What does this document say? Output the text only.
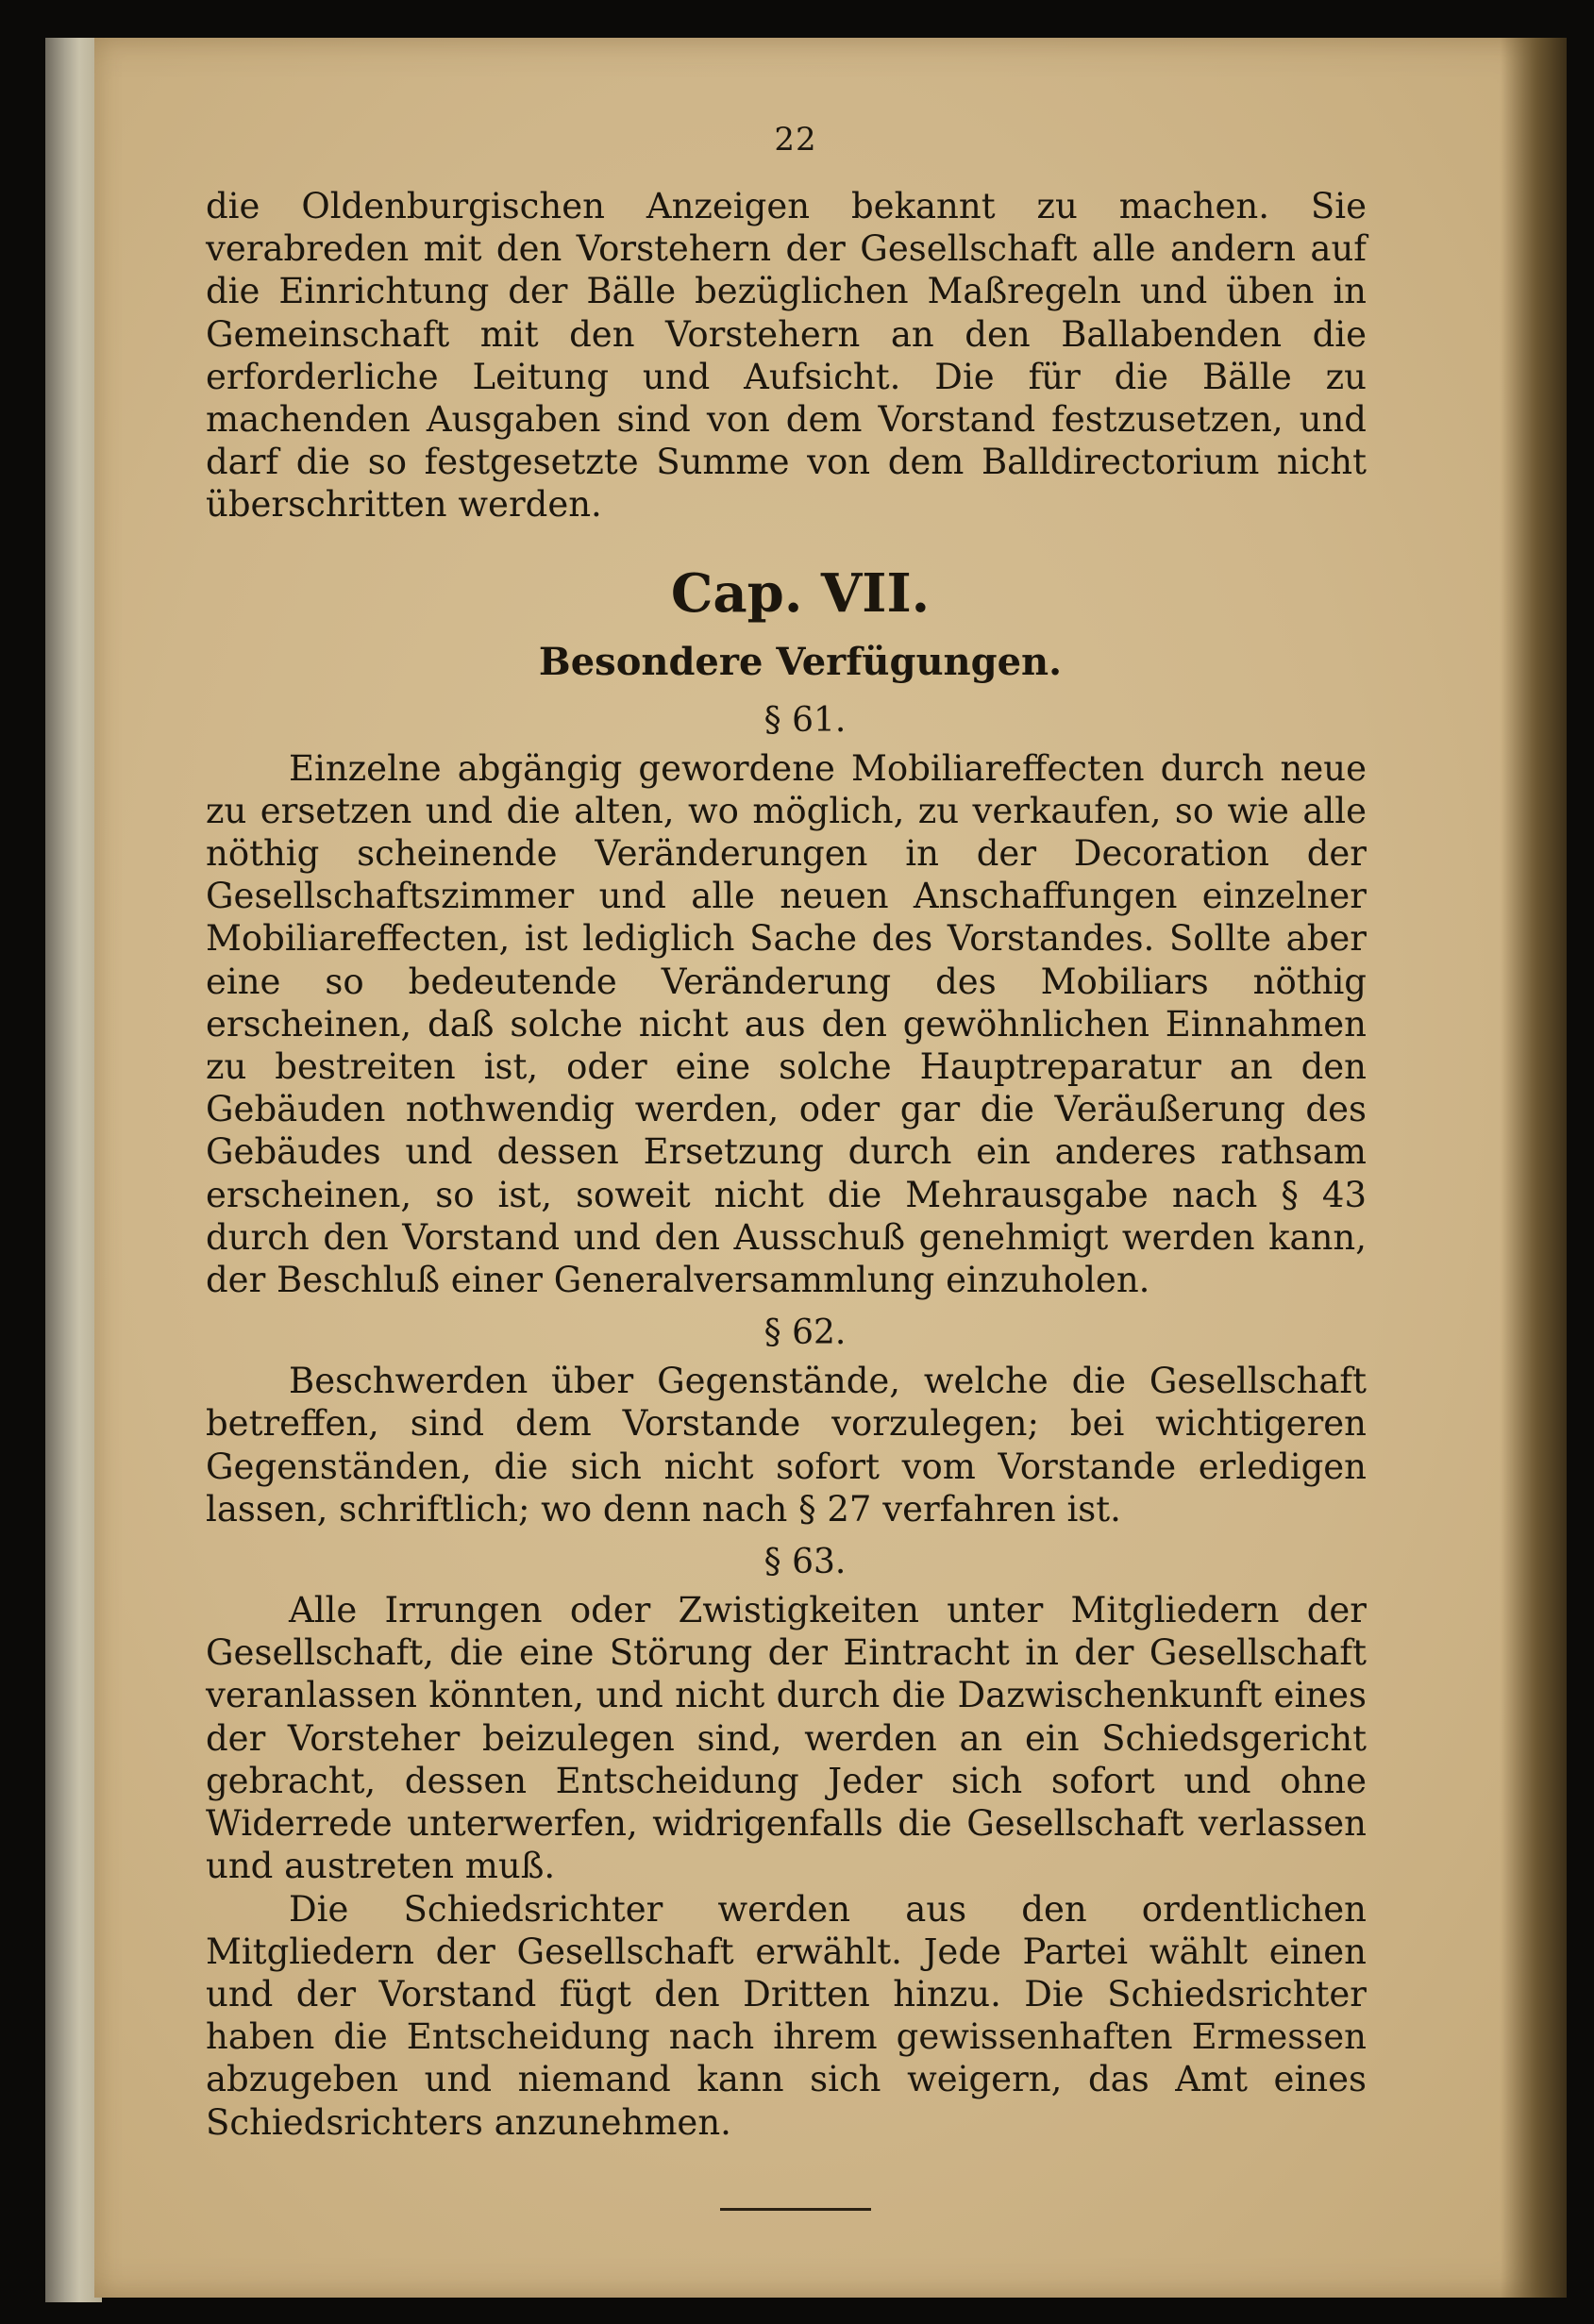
22

die Oldenburgischen Anzeigen bekannt zu machen. Sie verabreden mit den Vorstehern der Gesellschaft alle andern auf die Einrichtung der Bälle bezüglichen Maßregeln und üben in Gemeinschaft mit den Vorstehern an den Ballabenden die erforderliche Leitung und Aufsicht. Die für die Bälle zu machenden Ausgaben sind von dem Vorstand festzusetzen, und darf die so festgesetzte Summe von dem Balldirectorium nicht überschritten werden.

Cap. VII.
Besondere Verfügungen.
§ 61.

Einzelne abgängig gewordene Mobiliareffecten durch neue zu ersetzen und die alten, wo möglich, zu verkaufen, so wie alle nöthig scheinende Veränderungen in der Decoration der Gesellschaftszimmer und alle neuen Anschaffungen einzelner Mobiliareffecten, ist lediglich Sache des Vorstandes. Sollte aber eine so bedeutende Veränderung des Mobiliars nöthig erscheinen, daß solche nicht aus den gewöhnlichen Einnahmen zu bestreiten ist, oder eine solche Hauptreparatur an den Gebäuden nothwendig werden, oder gar die Veräußerung des Gebäudes und dessen Ersetzung durch ein anderes rathsam erscheinen, so ist, soweit nicht die Mehrausgabe nach § 43 durch den Vorstand und den Ausschuß genehmigt werden kann, der Beschluß einer Generalversammlung einzuholen.

§ 62.

Beschwerden über Gegenstände, welche die Gesellschaft betreffen, sind dem Vorstande vorzulegen; bei wichtigeren Gegenständen, die sich nicht sofort vom Vorstande erledigen lassen, schriftlich; wo denn nach § 27 verfahren ist.

§ 63.

Alle Irrungen oder Zwistigkeiten unter Mitgliedern der Gesellschaft, die eine Störung der Eintracht in der Gesellschaft veranlassen könnten, und nicht durch die Dazwischenkunft eines der Vorsteher beizulegen sind, werden an ein Schiedsgericht gebracht, dessen Entscheidung Jeder sich sofort und ohne Widerrede unterwerfen, widrigenfalls die Gesellschaft verlassen und austreten muß.

Die Schiedsrichter werden aus den ordentlichen Mitgliedern der Gesellschaft erwählt. Jede Partei wählt einen und der Vorstand fügt den Dritten hinzu. Die Schiedsrichter haben die Entscheidung nach ihrem gewissenhaften Ermessen abzugeben und niemand kann sich weigern, das Amt eines Schiedsrichters anzunehmen.
